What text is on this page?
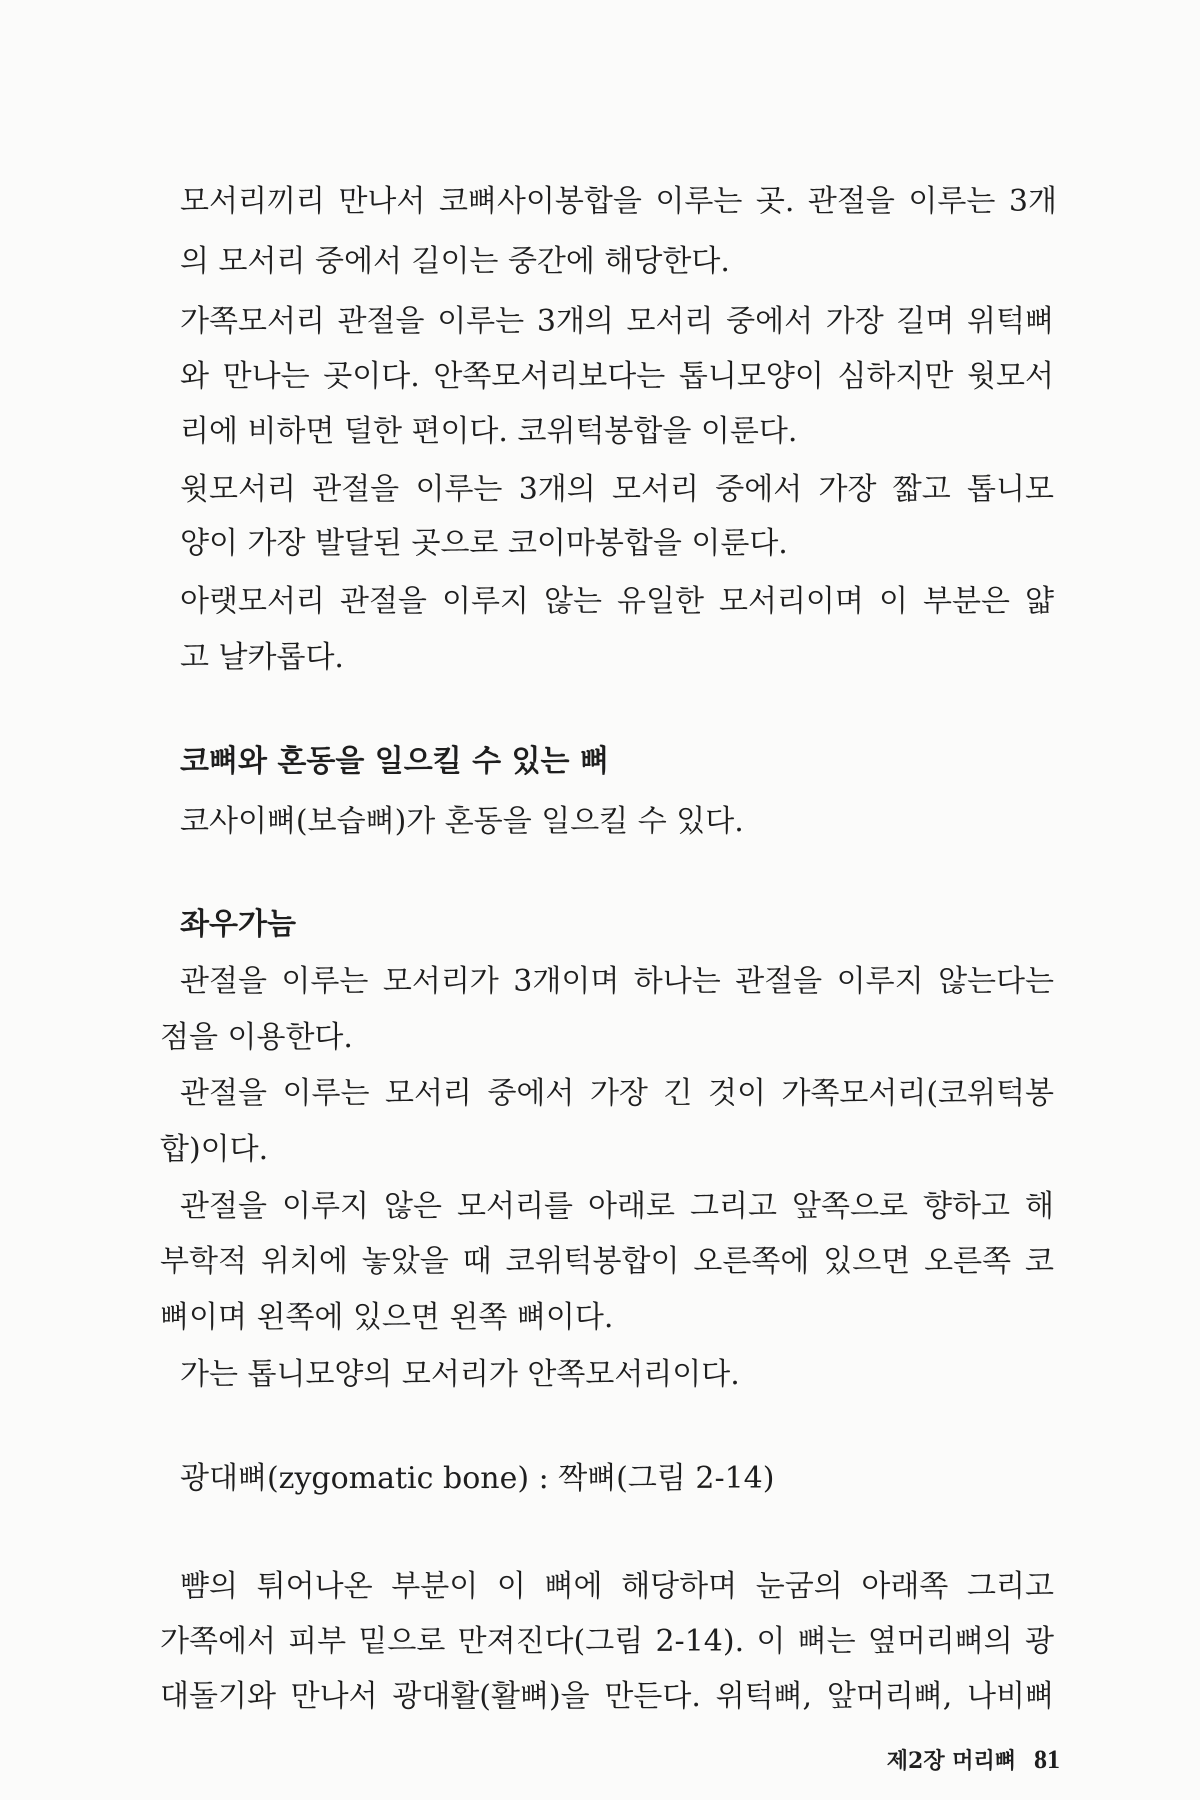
모서리끼리 만나서 코뼈사이봉합을 이루는 곳. 관절을 이루는 3개
의 모서리 중에서 길이는 중간에 해당한다.
가쪽모서리 관절을 이루는 3개의 모서리 중에서 가장 길며 위턱뼈
와 만나는 곳이다. 안쪽모서리보다는 톱니모양이 심하지만 윗모서
리에 비하면 덜한 편이다. 코위턱봉합을 이룬다.
윗모서리 관절을 이루는 3개의 모서리 중에서 가장 짧고 톱니모
양이 가장 발달된 곳으로 코이마봉합을 이룬다.
아랫모서리 관절을 이루지 않는 유일한 모서리이며 이 부분은 얇
고 날카롭다.
코뼈와 혼동을 일으킬 수 있는 뼈
코사이뼈(보습뼈)가 혼동을 일으킬 수 있다.
좌우가늠
관절을 이루는 모서리가 3개이며 하나는 관절을 이루지 않는다는
점을 이용한다.
관절을 이루는 모서리 중에서 가장 긴 것이 가쪽모서리(코위턱봉
합)이다.
관절을 이루지 않은 모서리를 아래로 그리고 앞쪽으로 향하고 해
부학적 위치에 놓았을 때 코위턱봉합이 오른쪽에 있으면 오른쪽 코
뼈이며 왼쪽에 있으면 왼쪽 뼈이다.
가는 톱니모양의 모서리가 안쪽모서리이다.
광대뼈(zygomatic bone) : 짝뼈(그림 2-14)
뺨의 튀어나온 부분이 이 뼈에 해당하며 눈굼의 아래쪽 그리고
가쪽에서 피부 밑으로 만져진다(그림 2-14). 이 뼈는 옆머리뼈의 광
대돌기와 만나서 광대활(활뼈)을 만든다. 위턱뼈, 앞머리뼈, 나비뼈
제2장 머리뼈 81
